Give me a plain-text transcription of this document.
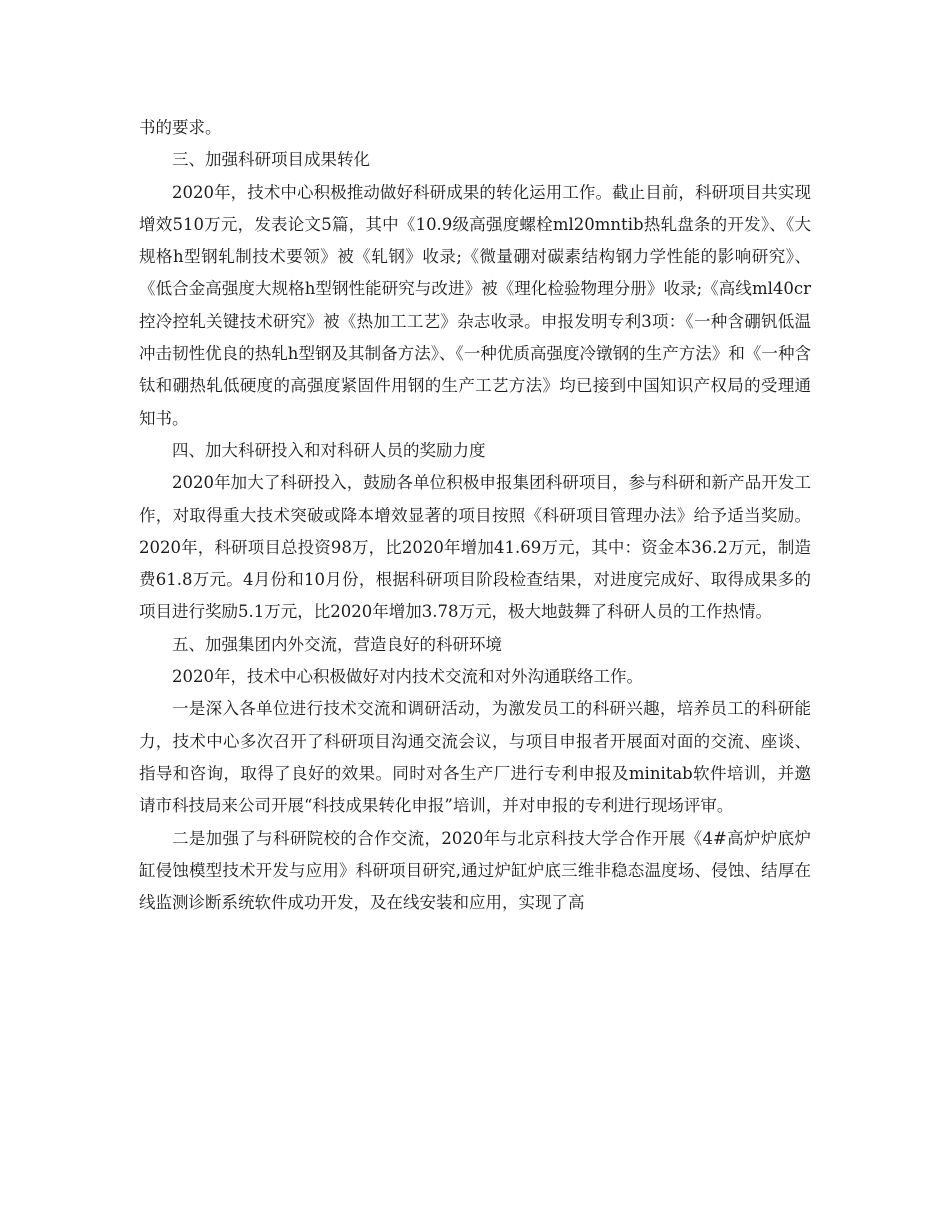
书的要求。

三、加强科研项目成果转化

2020年，技术中心积极推动做好科研成果的转化运用工作。截止目前，科研项目共实现增效510万元，发表论文5篇，其中《10.9级高强度螺栓ml20mntib热轧盘条的开发》、《大规格h型钢轧制技术要领》被《轧钢》收录;《微量硼对碳素结构钢力学性能的影响研究》、《低合金高强度大规格h型钢性能研究与改进》被《理化检验物理分册》收录;《高线ml40cr控冷控轧关键技术研究》被《热加工工艺》杂志收录。申报发明专利3项：《一种含硼钒低温冲击韧性优良的热轧h型钢及其制备方法》、《一种优质高强度冷镦钢的生产方法》和《一种含钛和硼热轧低硬度的高强度紧固件用钢的生产工艺方法》均已接到中国知识产权局的受理通知书。

四、加大科研投入和对科研人员的奖励力度

2020年加大了科研投入，鼓励各单位积极申报集团科研项目，参与科研和新产品开发工作，对取得重大技术突破或降本增效显著的项目按照《科研项目管理办法》给予适当奖励。2020年，科研项目总投资98万，比2020年增加41.69万元，其中：资金本36.2万元，制造费61.8万元。4月份和10月份，根据科研项目阶段检查结果，对进度完成好、取得成果多的项目进行奖励5.1万元，比2020年增加3.78万元，极大地鼓舞了科研人员的工作热情。

五、加强集团内外交流，营造良好的科研环境

2020年，技术中心积极做好对内技术交流和对外沟通联络工作。

一是深入各单位进行技术交流和调研活动，为激发员工的科研兴趣，培养员工的科研能力，技术中心多次召开了科研项目沟通交流会议，与项目申报者开展面对面的交流、座谈、指导和咨询，取得了良好的效果。同时对各生产厂进行专利申报及minitab软件培训，并邀请市科技局来公司开展“科技成果转化申报”培训，并对申报的专利进行现场评审。

二是加强了与科研院校的合作交流，2020年与北京科技大学合作开展《4#高炉炉底炉缸侵蚀模型技术开发与应用》科研项目研究,通过炉缸炉底三维非稳态温度场、侵蚀、结厚在线监测诊断系统软件成功开发，及在线安装和应用，实现了高
